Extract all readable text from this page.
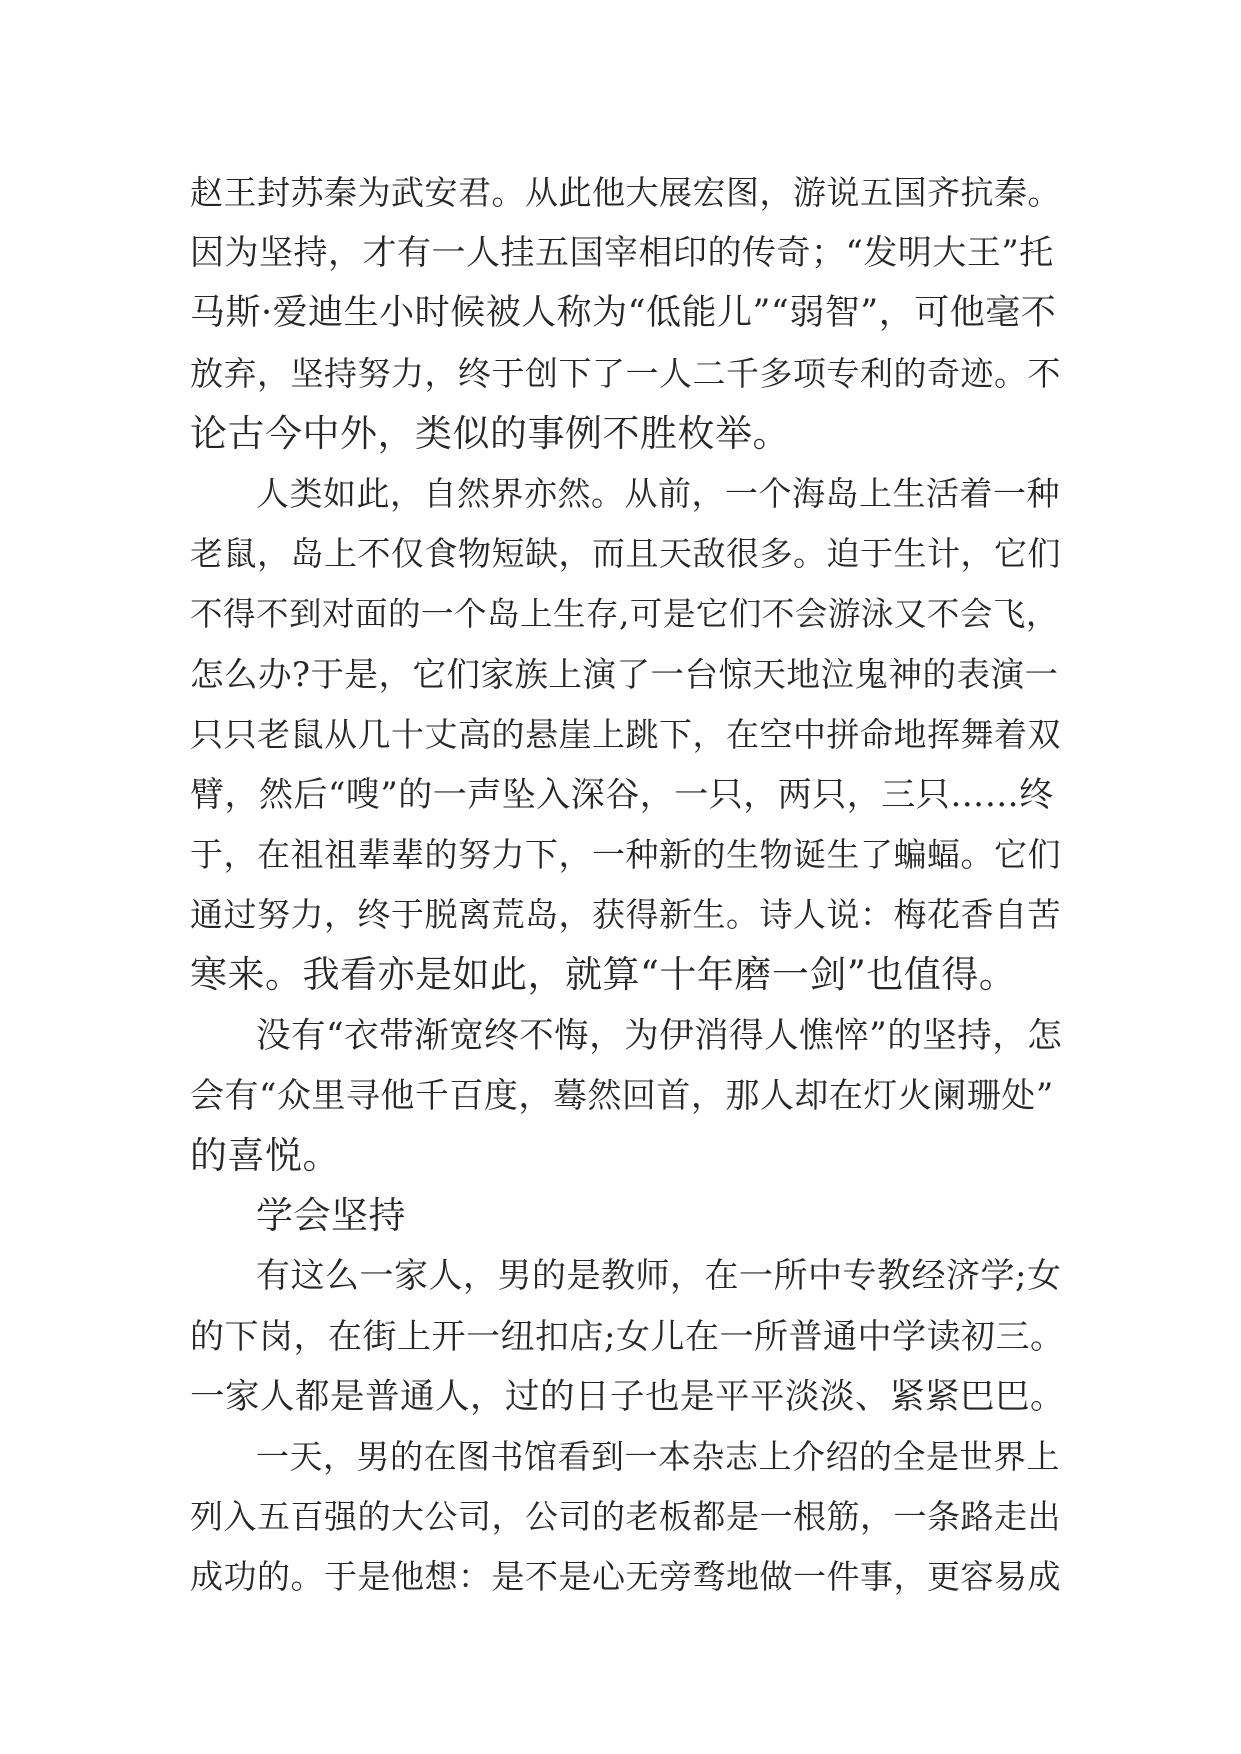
赵王封苏秦为武安君。从此他大展宏图，游说五国齐抗秦。
因为坚持，才有一人挂五国宰相印的传奇；“发明大王”托
马斯·爱迪生小时候被人称为“低能儿”“弱智”，可他毫不
放弃，坚持努力，终于创下了一人二千多项专利的奇迹。不
论古今中外，类似的事例不胜枚举。
人类如此，自然界亦然。从前，一个海岛上生活着一种
老鼠，岛上不仅食物短缺，而且天敌很多。迫于生计，它们
不得不到对面的一个岛上生存,可是它们不会游泳又不会飞，
怎么办?于是，它们家族上演了一台惊天地泣鬼神的表演一
只只老鼠从几十丈高的悬崖上跳下，在空中拼命地挥舞着双
臂，然后“嗖”的一声坠入深谷，一只，两只，三只……终
于，在祖祖辈辈的努力下，一种新的生物诞生了蝙蝠。它们
通过努力，终于脱离荒岛，获得新生。诗人说：梅花香自苦
寒来。我看亦是如此，就算“十年磨一剑”也值得。
没有“衣带渐宽终不悔，为伊消得人憔悴”的坚持，怎
会有“众里寻他千百度，蓦然回首，那人却在灯火阑珊处”
的喜悦。
学会坚持
有这么一家人，男的是教师，在一所中专教经济学;女
的下岗，在街上开一纽扣店;女儿在一所普通中学读初三。
一家人都是普通人，过的日子也是平平淡淡、紧紧巴巴。
一天，男的在图书馆看到一本杂志上介绍的全是世界上
列入五百强的大公司，公司的老板都是一根筋，一条路走出
成功的。于是他想：是不是心无旁骛地做一件事，更容易成
